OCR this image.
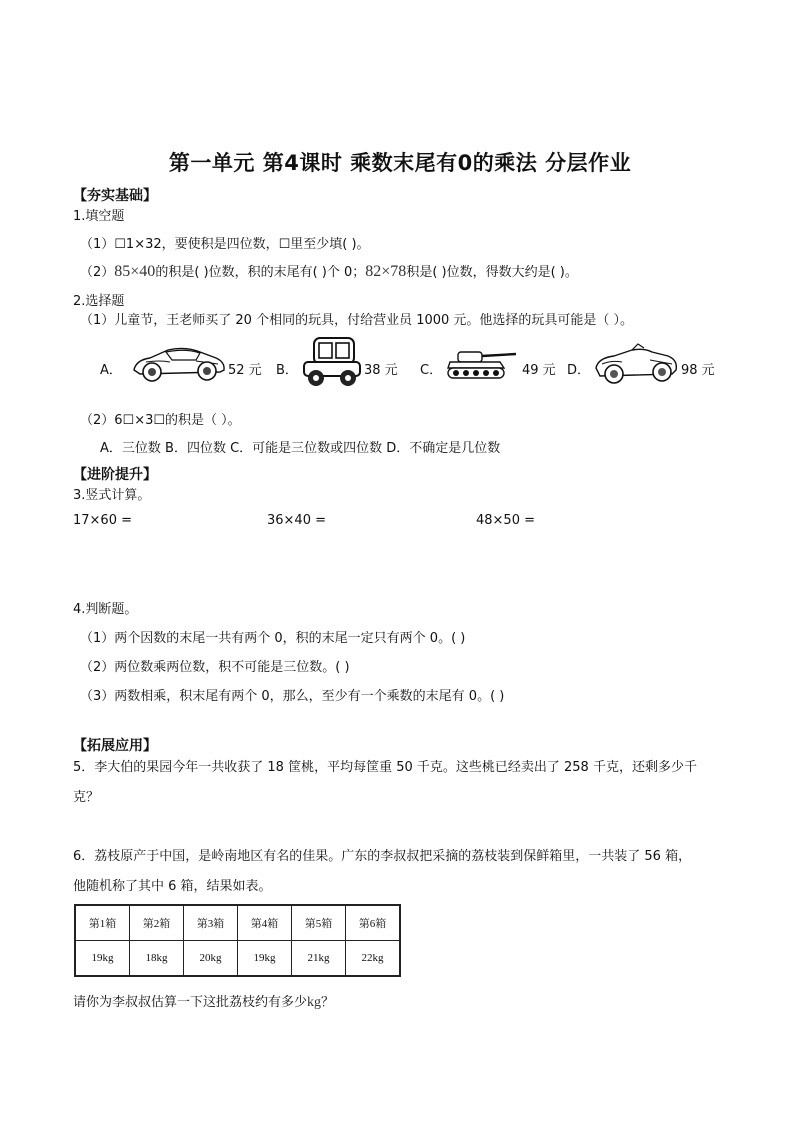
第一单元 第4课时 乘数末尾有0的乘法 分层作业
【夯实基础】
1.填空题
（1）☐1×32，要使积是四位数，☐里至少填( )。
（2）85×40的积是( )位数，积的末尾有( )个 0；82×78积是( )位数，得数大约是( )。
2.选择题
（1）儿童节，王老师买了 20 个相同的玩具，付给营业员 1000 元。他选择的玩具可能是（ ）。
A．	52 元 B．	38 元 C．	49 元 D．	98 元
（2）6☐×3☐的积是（ ）。
A．三位数 B．四位数 C．可能是三位数或四位数 D．不确定是几位数
【进阶提升】
3.竖式计算。
17×60 =	36×40 =	48×50 =
4.判断题。
（1）两个因数的末尾一共有两个 0，积的末尾一定只有两个 0。( )
（2）两位数乘两位数，积不可能是三位数。( )
（3）两数相乘，积末尾有两个 0，那么，至少有一个乘数的末尾有 0。( )
【拓展应用】
5．李大伯的果园今年一共收获了 18 筐桃，平均每筐重 50 千克。这些桃已经卖出了 258 千克，还剩多少千
克？
6．荔枝原产于中国，是岭南地区有名的佳果。广东的李叔叔把采摘的荔枝装到保鲜箱里，一共装了 56 箱，
他随机称了其中 6 箱，结果如表。
第1箱	第2箱	第3箱	第4箱	第5箱	第6箱
19kg	18kg	20kg	19kg	21kg	22kg
请你为李叔叔估算一下这批荔枝约有多少kg？
